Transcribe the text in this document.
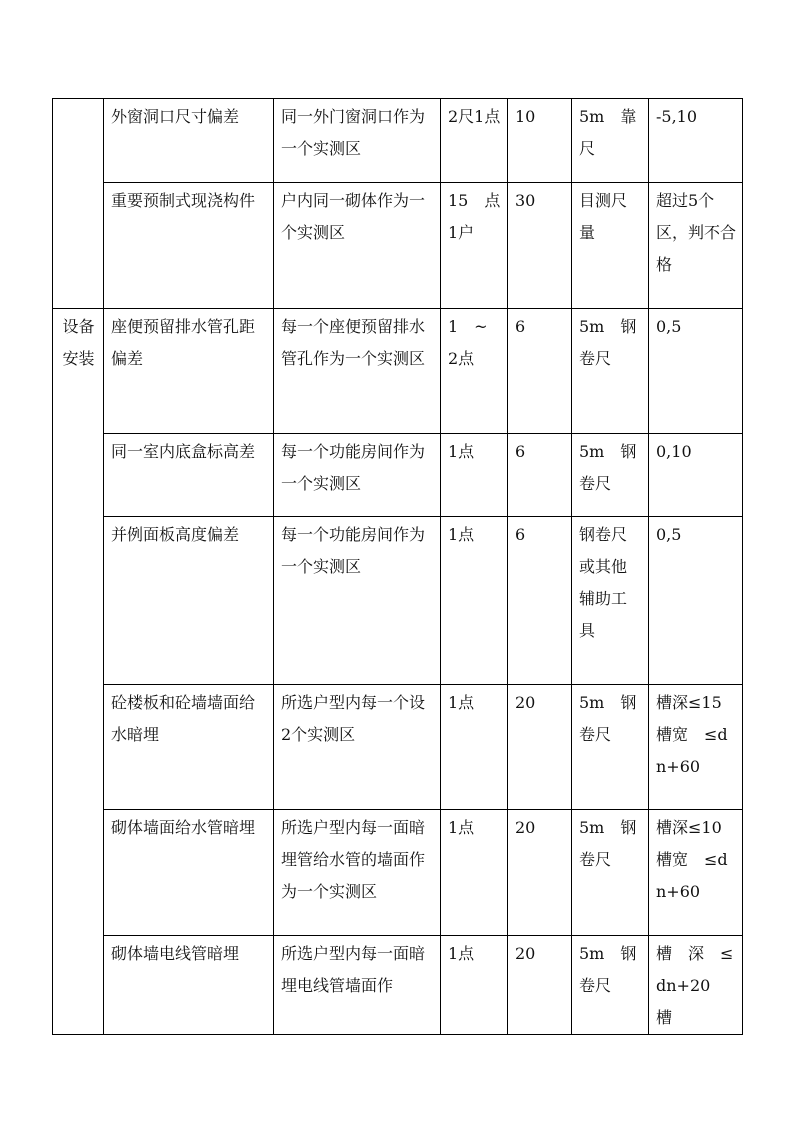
	外窗洞口尺寸偏差	同一外门窗洞口作为一个实测区	2尺1点	10	5m　靠尺	-5,10
	重要预制式现浇构件	户内同一砌体作为一个实测区	15　点1户	30	目测尺量	超过5个区，判不合格
设备安装	座便预留排水管孔距偏差	每一个座便预留排水管孔作为一个实测区	1　~　2点	6	5m　钢卷尺	0,5
	同一室内底盒标高差	每一个功能房间作为一个实测区	1点	6	5m　钢卷尺	0,10
	并例面板高度偏差	每一个功能房间作为一个实测区	1点	6	钢卷尺或其他辅助工具	0,5
	砼楼板和砼墙墙面给水暗埋	所选户型内每一个设2个实测区	1点	20	5m　钢卷尺	槽深≤15槽宽　≤dn+60
	砌体墙面给水管暗埋	所选户型内每一面暗埋管给水管的墙面作为一个实测区	1点	20	5m　钢卷尺	槽深≤10槽宽　≤dn+60
	砌体墙电线管暗埋	所选户型内每一面暗埋电线管墙面作	1点	20	5m　钢卷尺	槽　深　≤dn+20　槽
